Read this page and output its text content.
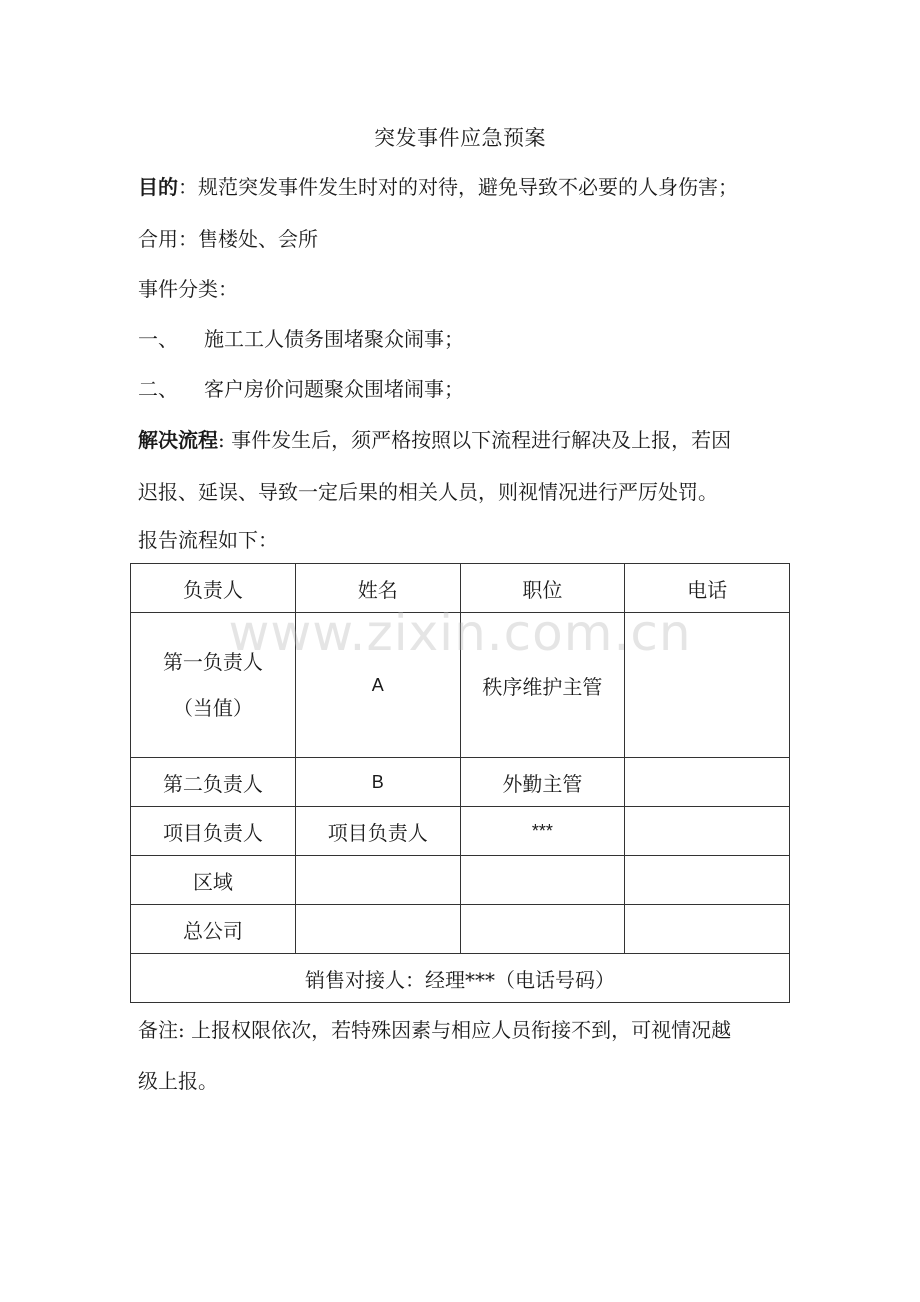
突发事件应急预案
目的：规范突发事件发生时对的对待，避免导致不必要的人身伤害；
合用：售楼处、会所
事件分类：
一、 施工工人债务围堵聚众闹事；
二、 客户房价问题聚众围堵闹事；
解决流程: 事件发生后，须严格按照以下流程进行解决及上报，若因
迟报、延误、导致一定后果的相关人员，则视情况进行严厉处罚。
报告流程如下：
负责人	姓名	职位	电话

第一负责人
（当值）	A	秩序维护主管	
第二负责人	B	外勤主管	
项目负责人	项目负责人	***	
区域			
总公司			
销售对接人：经理***（电话号码）			
www.zixin.com.cn
备注: 上报权限依次，若特殊因素与相应人员衔接不到，可视情况越
级上报。
